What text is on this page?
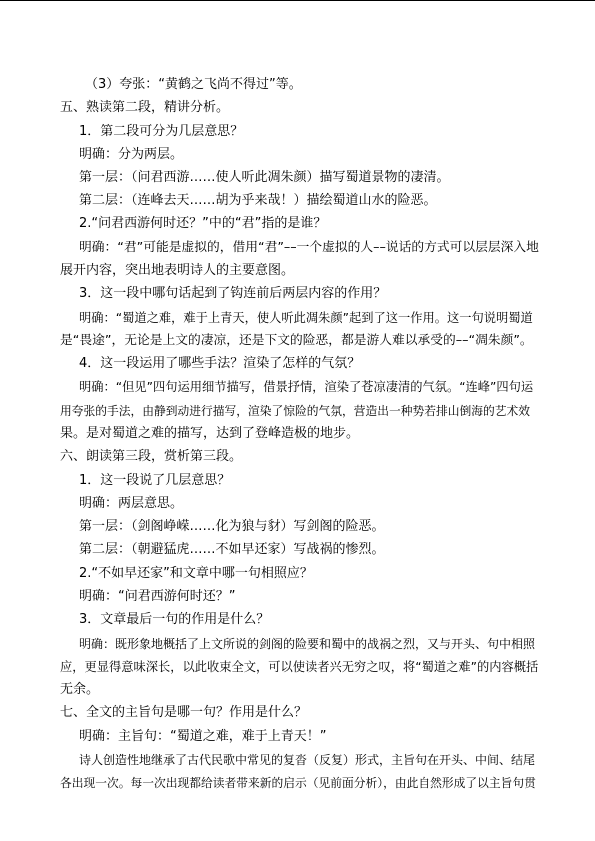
（3）夸张：“黄鹤之飞尚不得过”等。
五、熟读第二段，精讲分析。
1．第二段可分为几层意思？
明确：分为两层。
第一层：（问君西游……使人听此凋朱颜）描写蜀道景物的凄清。
第二层：（连峰去天……胡为乎来哉！）描绘蜀道山水的险恶。
2.“问君西游何时还？”中的“君”指的是谁？
明确：“君”可能是虚拟的，借用“君”––一个虚拟的人––说话的方式可以层层深入地
展开内容，突出地表明诗人的主要意图。
3．这一段中哪句话起到了钩连前后两层内容的作用？
明确：“蜀道之难，难于上青天，使人听此凋朱颜”起到了这一作用。这一句说明蜀道
是“畏途”，无论是上文的凄凉，还是下文的险恶，都是游人难以承受的––“凋朱颜”。
4．这一段运用了哪些手法？渲染了怎样的气氛？
明确：“但见”四句运用细节描写，借景抒情，渲染了苍凉凄清的气氛。“连峰”四句运
用夸张的手法，由静到动进行描写，渲染了惊险的气氛，营造出一种势若排山倒海的艺术效
果。是对蜀道之难的描写，达到了登峰造极的地步。
六、朗读第三段，赏析第三段。
1．这一段说了几层意思？
明确：两层意思。
第一层：（剑阁峥嵘……化为狼与豺）写剑阁的险恶。
第二层：（朝避猛虎……不如早还家）写战祸的惨烈。
2.“不如早还家”和文章中哪一句相照应？
明确：“问君西游何时还？”
3．文章最后一句的作用是什么？
明确：既形象地概括了上文所说的剑阁的险要和蜀中的战祸之烈，又与开头、句中相照
应，更显得意味深长，以此收束全文，可以使读者兴无穷之叹，将“蜀道之难”的内容概括
无余。
七、全文的主旨句是哪一句？作用是什么？
明确：主旨句：“蜀道之难，难于上青天！”
诗人创造性地继承了古代民歌中常见的复沓（反复）形式，主旨句在开头、中间、结尾
各出现一次。每一次出现都给读者带来新的启示（见前面分析），由此自然形成了以主旨句贯
